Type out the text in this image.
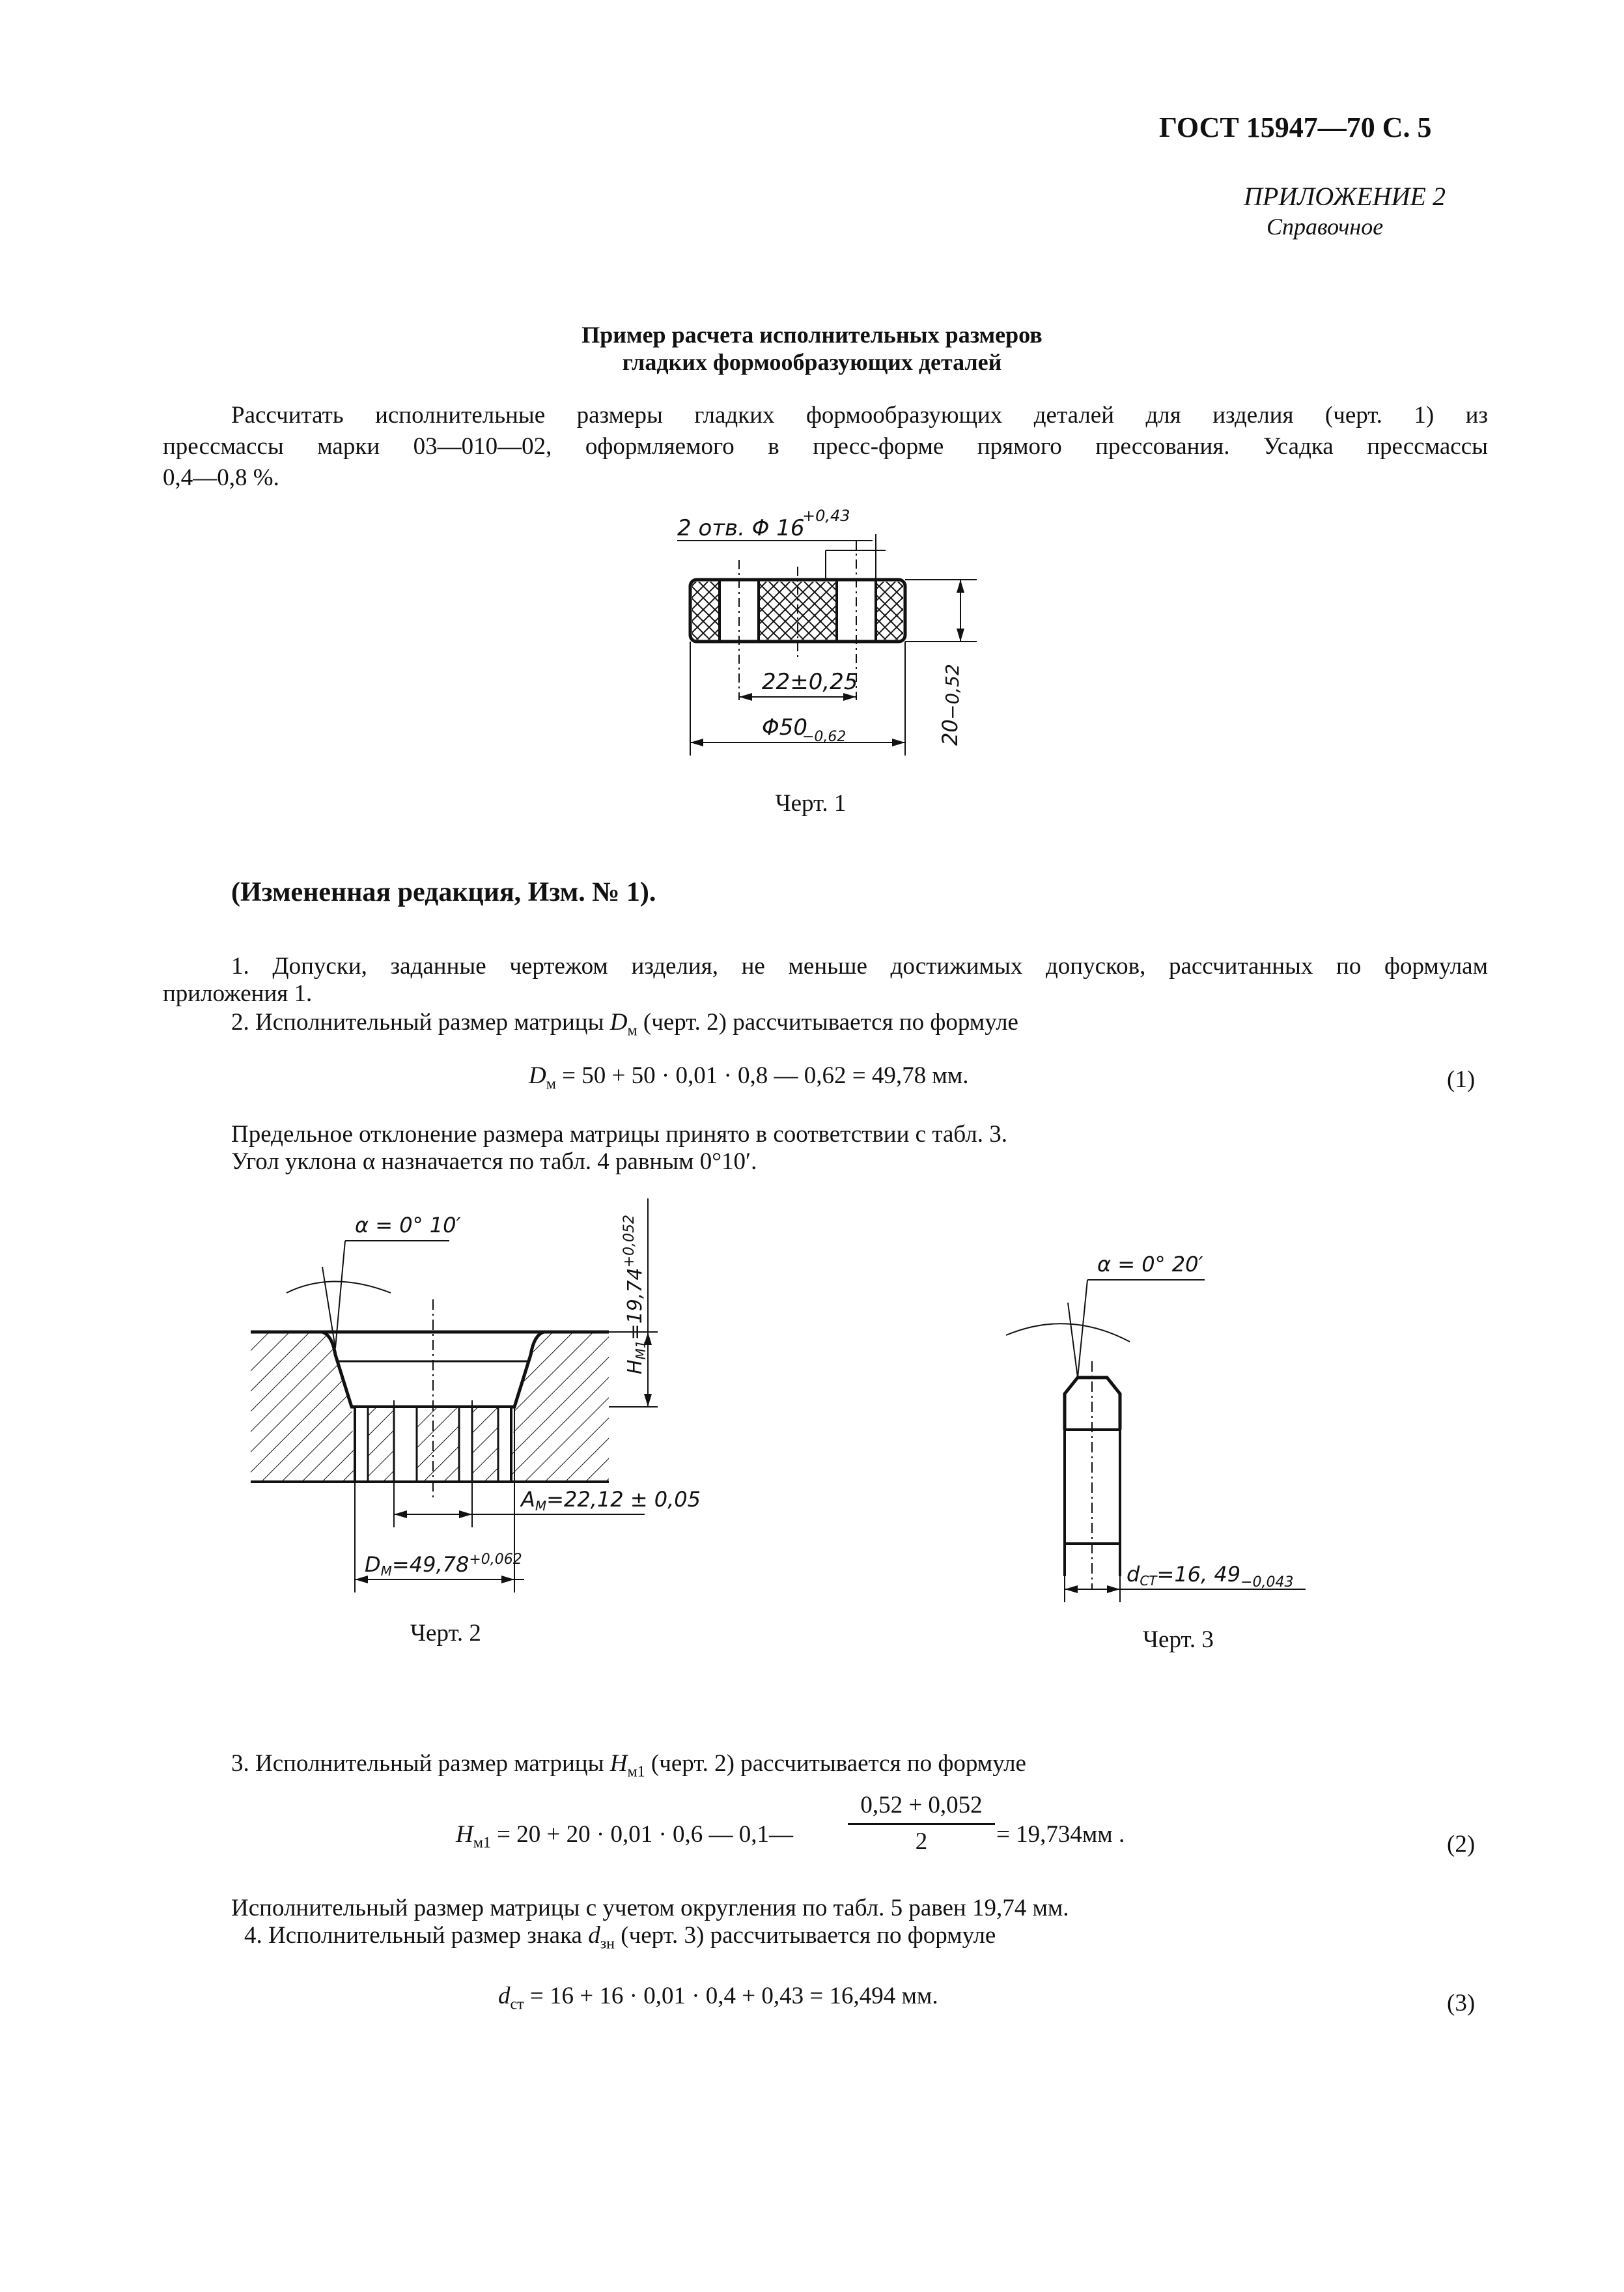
ГОСТ 15947—70 С. 5
ПРИЛОЖЕНИЕ 2
Справочное
Пример расчета исполнительных размеров
гладких формообразующих деталей
Рассчитать исполнительные размеры гладких формообразующих деталей для изделия (черт. 1) из
прессмассы марки 03—010—02, оформляемого в пресс-форме прямого прессования. Усадка прессмассы
0,4—0,8 %.
2 отв. Φ 16
+0,43
22±0,25
Φ50
−0,62	20
−0,52
Черт. 1
(Измененная редакция, Изм. № 1).
1. Допуски, заданные чертежом изделия, не меньше достижимых допусков, рассчитанных по формулам
приложения 1.
2. Исполнительный размер матрицы $D_м$ (черт. 2) рассчитывается по формуле
$D_м = 50 + 50 \cdot 0,01 \cdot 0,8$ — 0,62 = 49,78 мм.	(1)
Предельное отклонение размера матрицы принято в соответствии с табл. 3.
Угол уклона α назначается по табл. 4 равным 0°10′.
α = 0° 10′
$H_{M1}=19,74^{+0,052}$
AM=22,12 ± 0,05
$DM=49,78^{+0,062}$
Черт. 2
α = 0° 20′
dCT=16, $49_{-0,043}$
Черт. 3
3. Исполнительный размер матрицы $H_{м1}$ (черт. 2) рассчитывается по формуле
$H_{м1} = 20 + 20 \cdot 0,01 \cdot 0,6$ — 0,1—
0,52 + 0,052
2	= 19,734мм .	(2)
Исполнительный размер матрицы с учетом округления по табл. 5 равен 19,74 мм.
4. Исполнительный размер знака $d_{зн}$ (черт. 3) рассчитывается по формуле
$d_{ст} = 16 + 16 \cdot 0,01 \cdot 0,4 + 0,43 = 16,494$ мм.	(3)
